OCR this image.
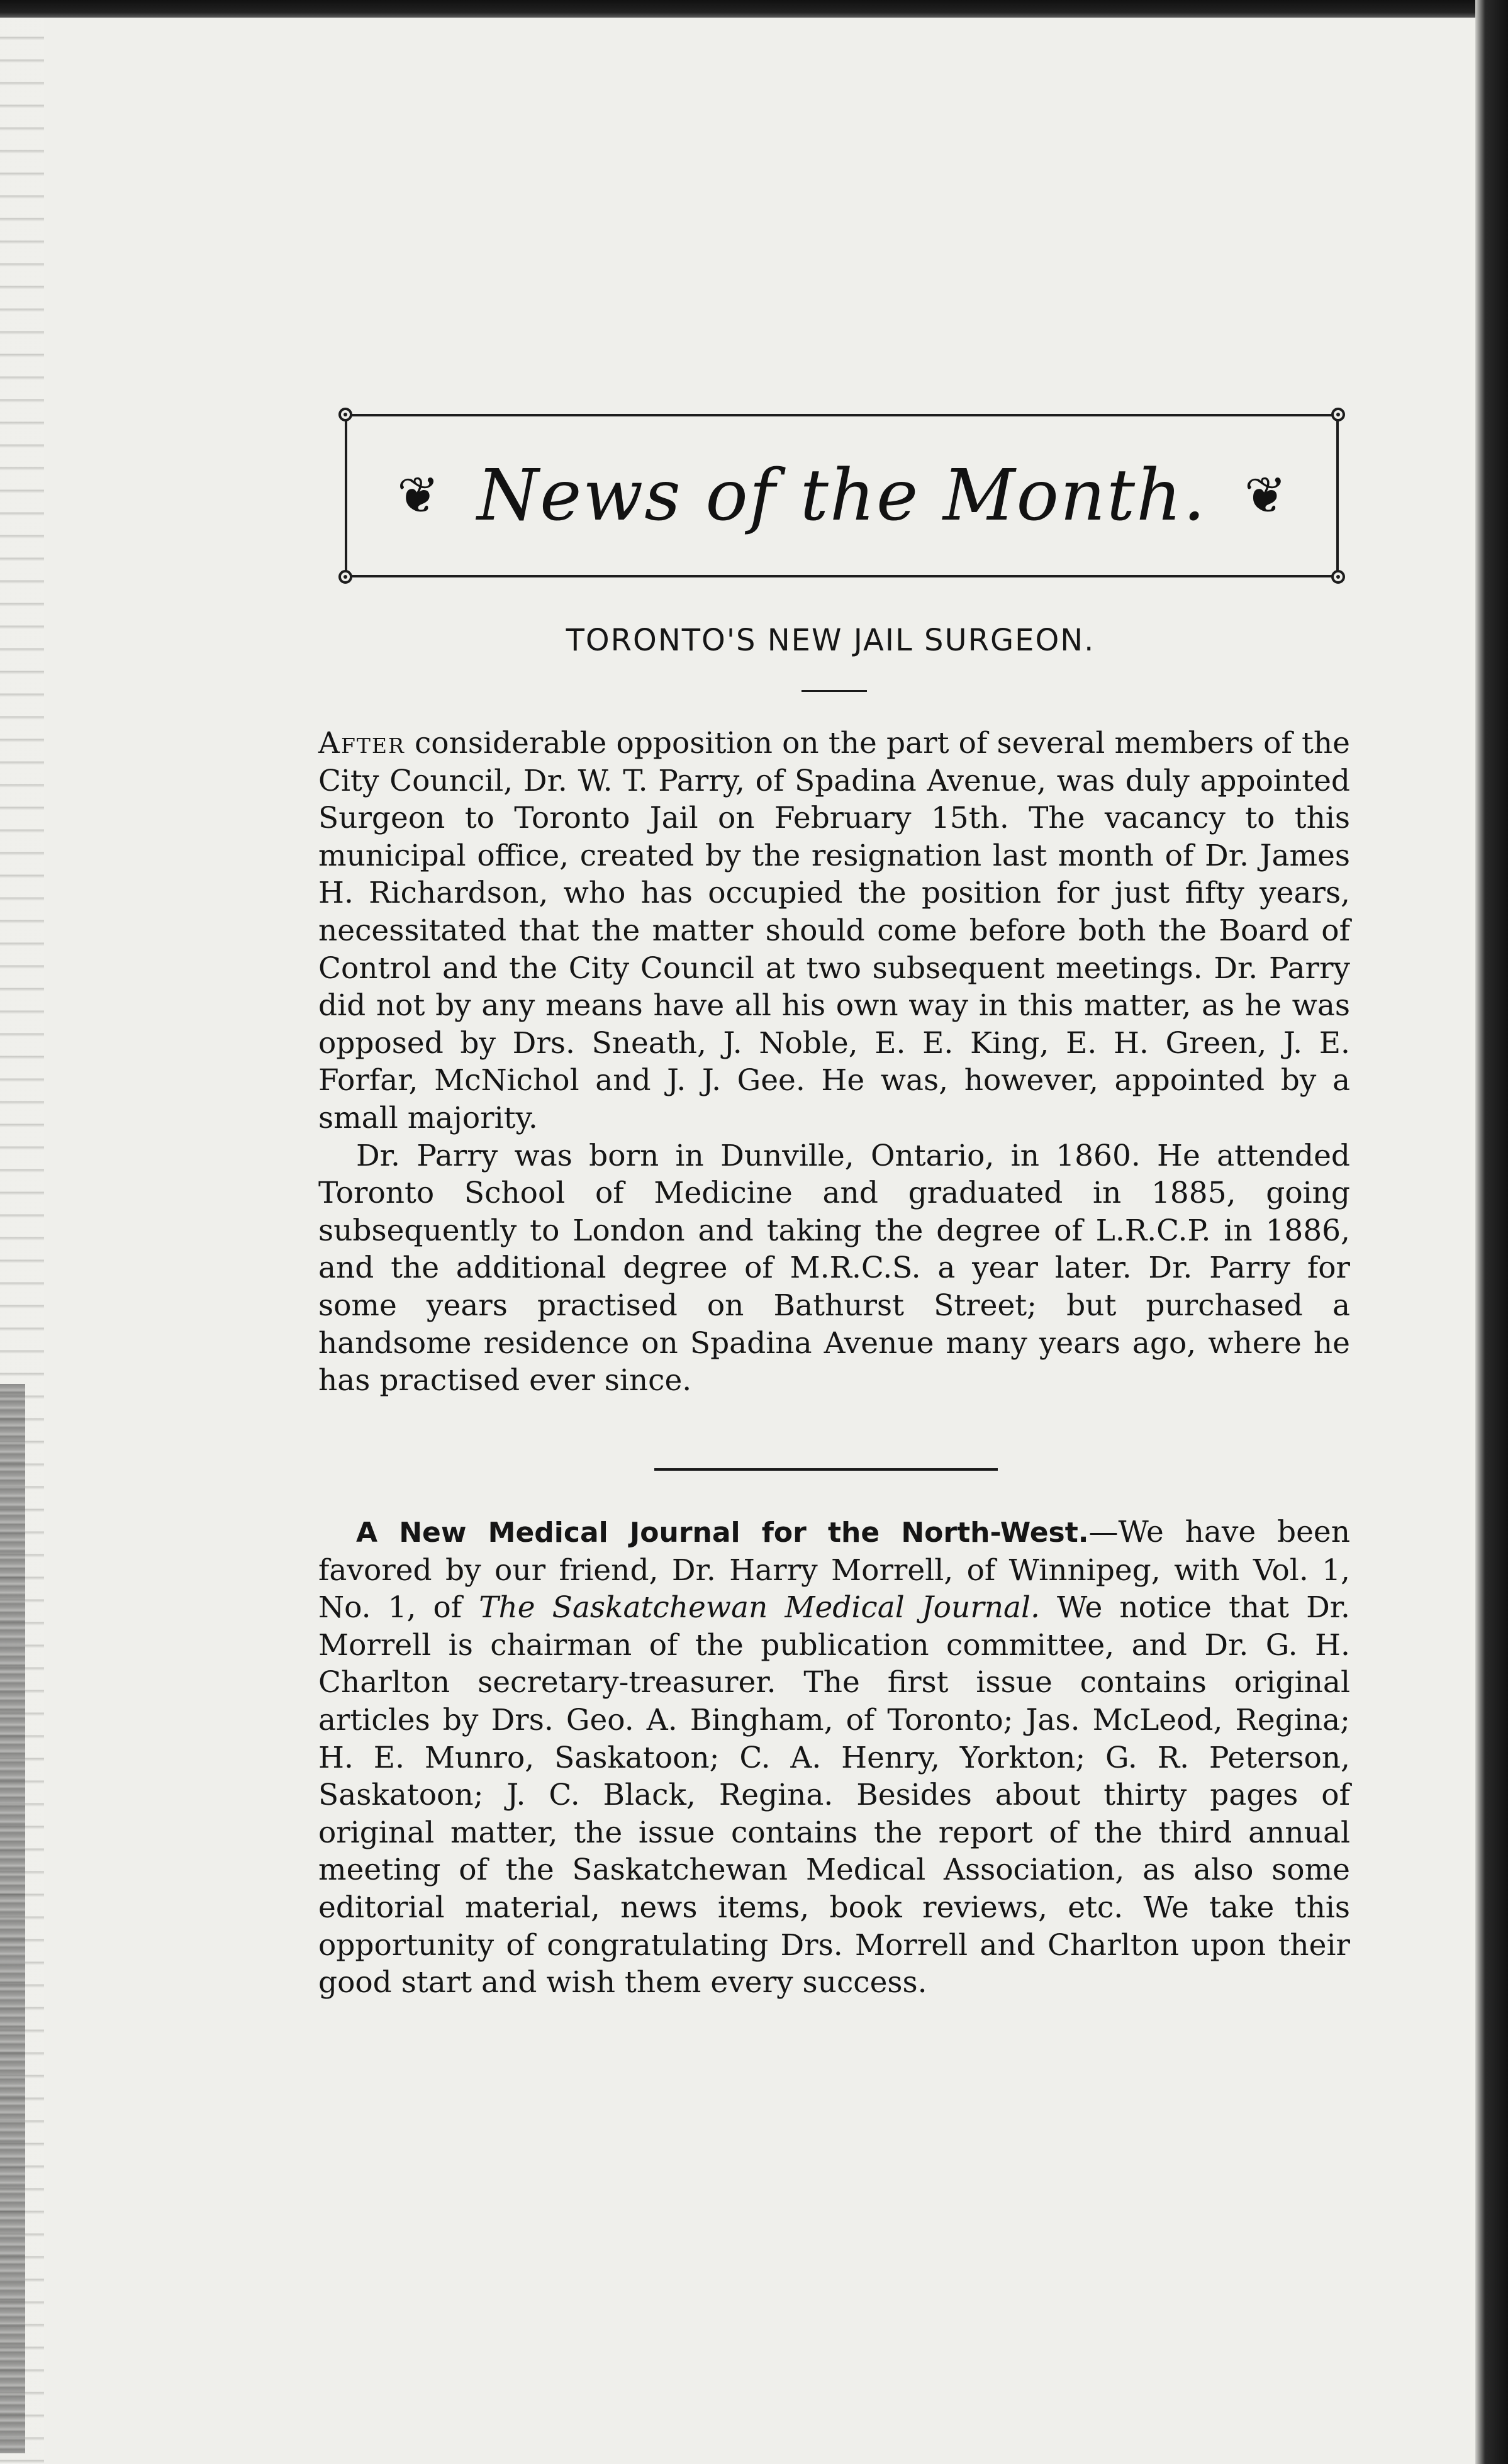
❦ News of the Month. ❦
TORONTO'S NEW JAIL SURGEON.

After considerable opposition on the part of several members of the City Council, Dr. W. T. Parry, of Spadina Avenue, was duly appointed Surgeon to Toronto Jail on February 15th. The vacancy to this municipal office, created by the resignation last month of Dr. James H. Richardson, who has occupied the position for just fifty years, necessitated that the matter should come before both the Board of Control and the City Council at two subsequent meetings. Dr. Parry did not by any means have all his own way in this matter, as he was opposed by Drs. Sneath, J. Noble, E. E. King, E. H. Green, J. E. Forfar, McNichol and J. J. Gee. He was, however, appointed by a small majority.

Dr. Parry was born in Dunville, Ontario, in 1860. He attended Toronto School of Medicine and graduated in 1885, going subsequently to London and taking the degree of L.R.C.P. in 1886, and the additional degree of M.R.C.S. a year later. Dr. Parry for some years practised on Bathurst Street; but purchased a handsome residence on Spadina Avenue many years ago, where he has practised ever since.

A New Medical Journal for the North-West.—We have been favored by our friend, Dr. Harry Morrell, of Winnipeg, with Vol. 1, No. 1, of The Saskatchewan Medical Journal. We notice that Dr. Morrell is chairman of the publication committee, and Dr. G. H. Charlton secretary-treasurer. The first issue contains original articles by Drs. Geo. A. Bingham, of Toronto; Jas. McLeod, Regina; H. E. Munro, Saskatoon; C. A. Henry, Yorkton; G. R. Peterson, Saskatoon; J. C. Black, Regina. Besides about thirty pages of original matter, the issue contains the report of the third annual meeting of the Saskatchewan Medical Association, as also some editorial material, news items, book reviews, etc. We take this opportunity of congratulating Drs. Morrell and Charlton upon their good start and wish them every success.
